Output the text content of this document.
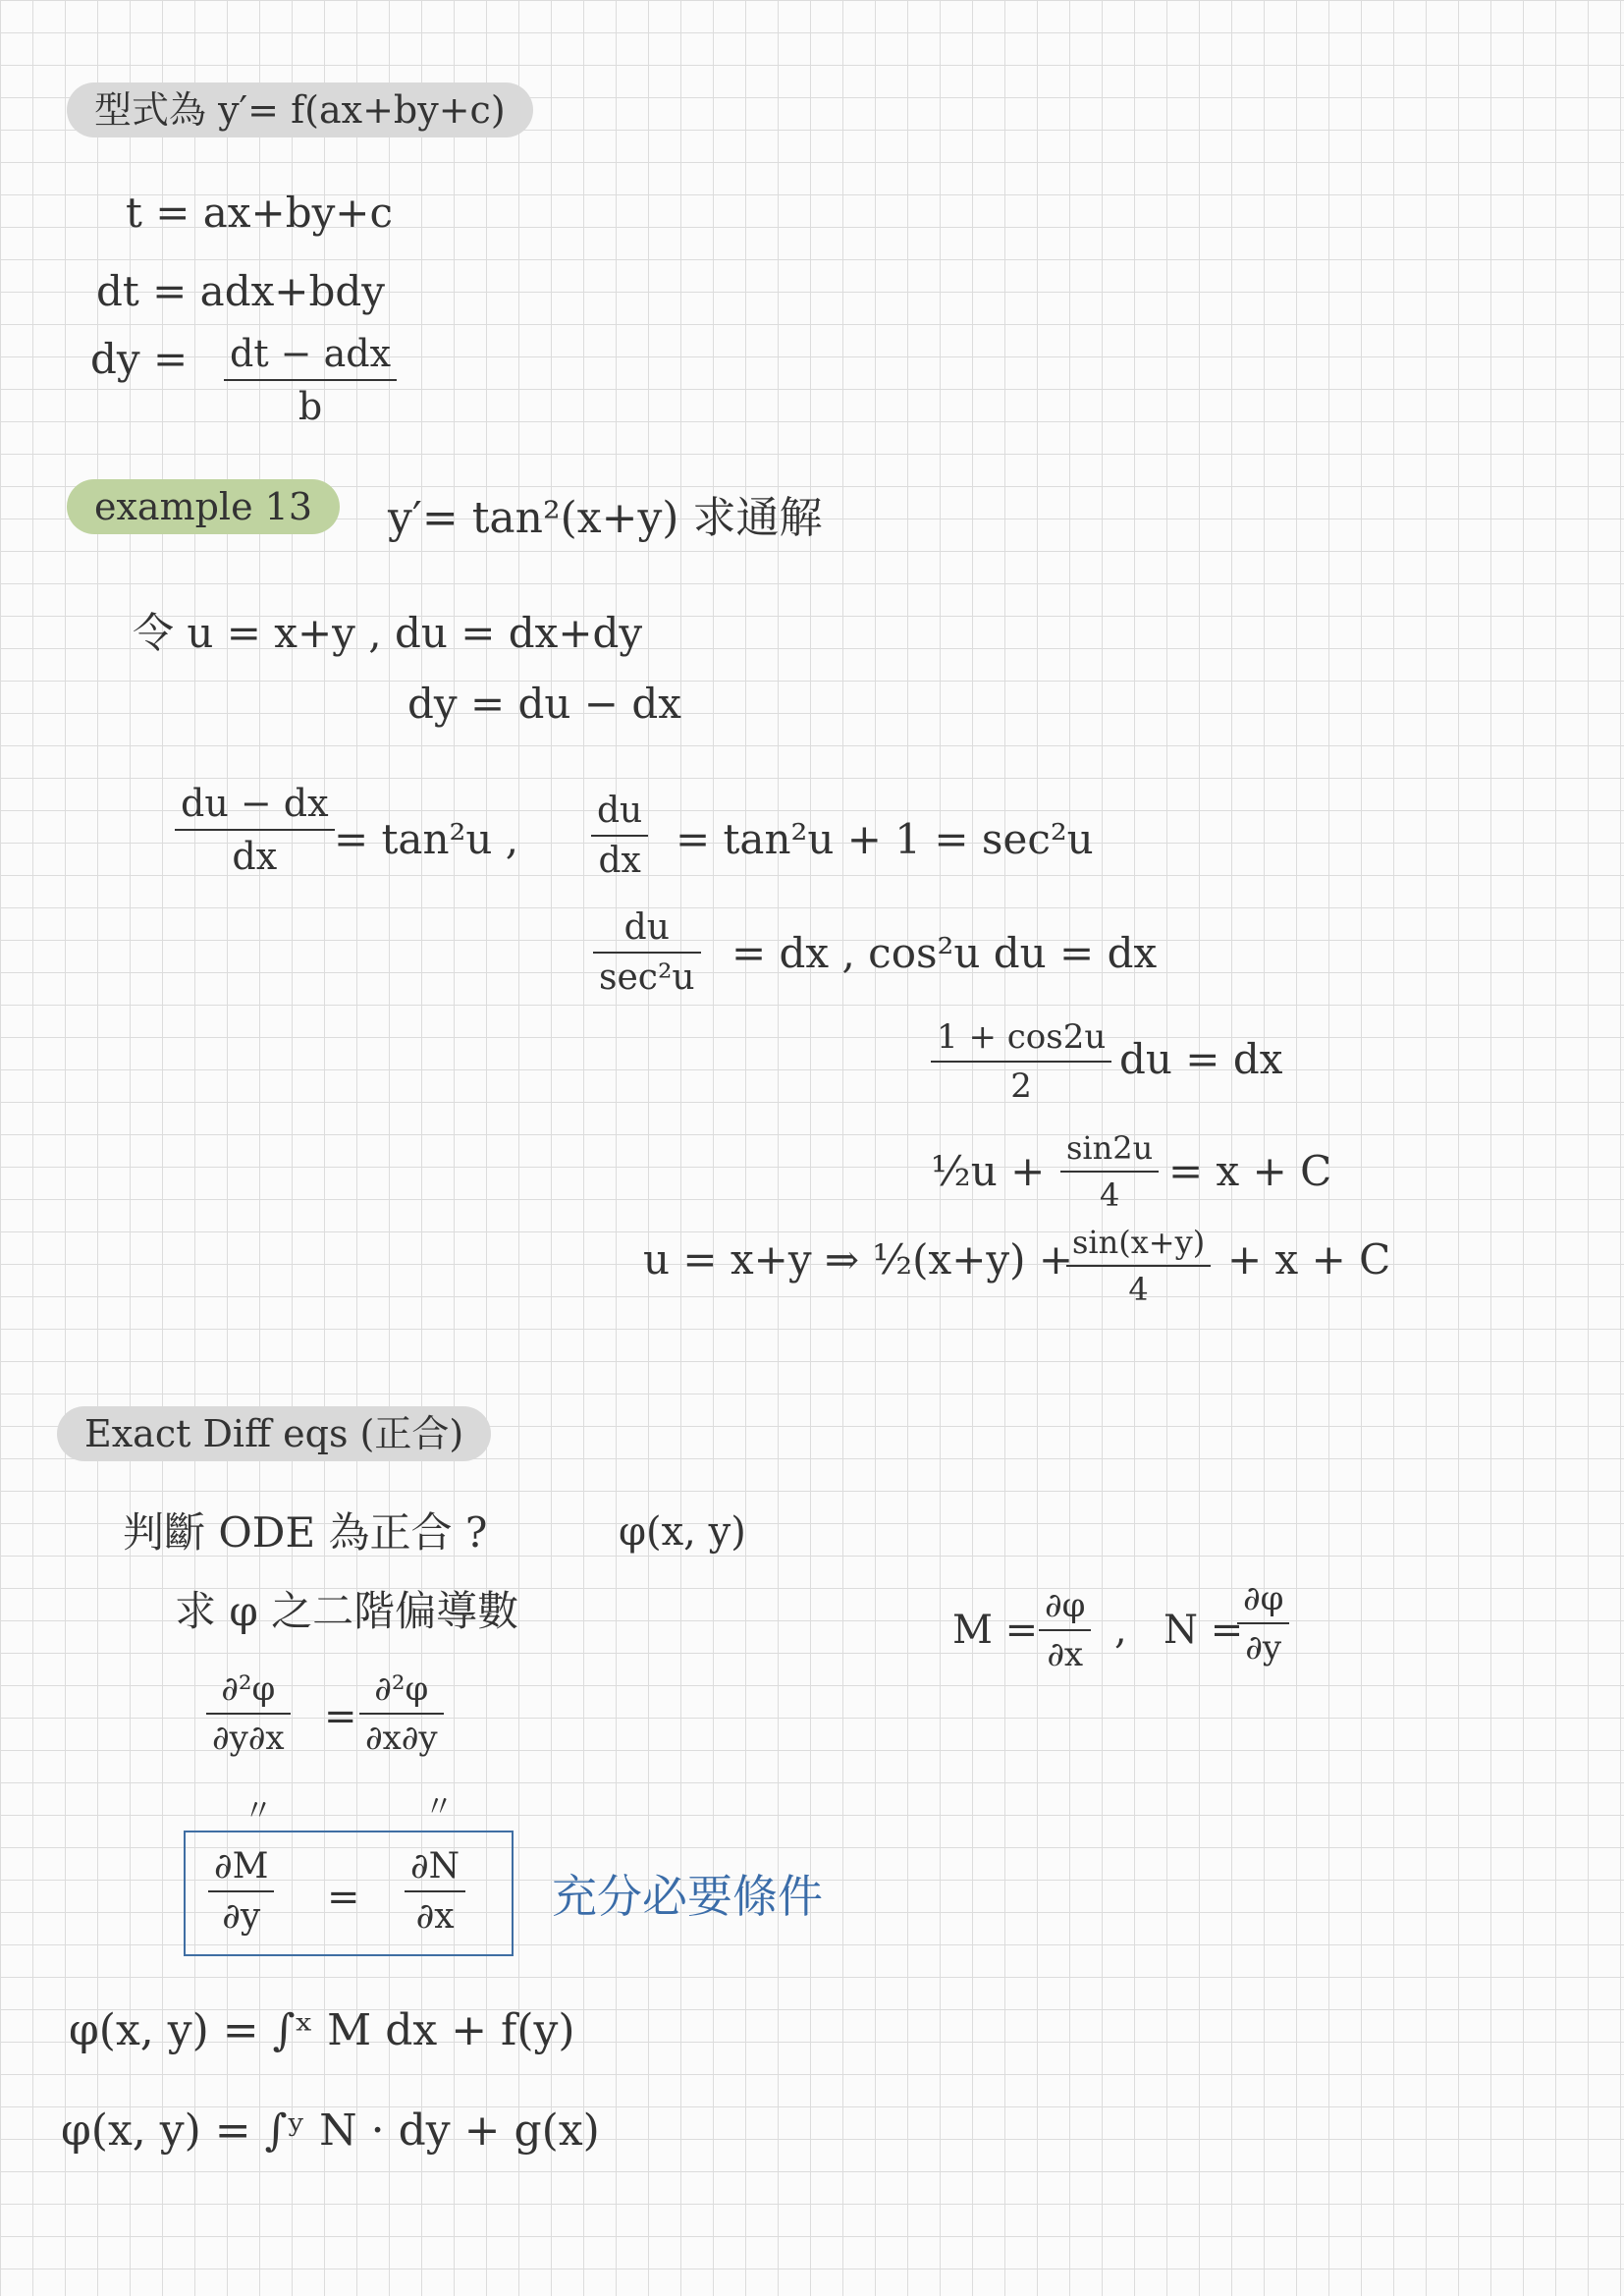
型式為 y′= f(ax+by+c)
t = ax+by+c
dt = adx+bdy
dy = dt − adx
b
example 13	y′= tan²(x+y) 求通解
令 u = x+y , du = dx+dy
dy = du − dx
du − dx
dx = tan²u ,
du
dx = tan²u + 1 = sec²u
du
sec²u
= dx , cos²u du = dx
1 + cos2u
2
du = dx
½u + sin2u
4 = x + C
u = x+y ⇒ ½(x+y) +
sin(x+y)
4
+ x + C
Exact Diff eqs (正合)
判斷 ODE 為正合 ?	φ(x, y)
求 φ 之二階偏導數	M =
∂φ
∂x
, N =
∂φ
∂y
∂²φ
∂y∂x =
∂²φ
∂x∂y
〃	〃
∂M
∂y =
∂N
∂x 充分必要條件
φ(x, y) = ∫ˣ M dx + f(y)
φ(x, y) = ∫ʸ N · dy + g(x)
